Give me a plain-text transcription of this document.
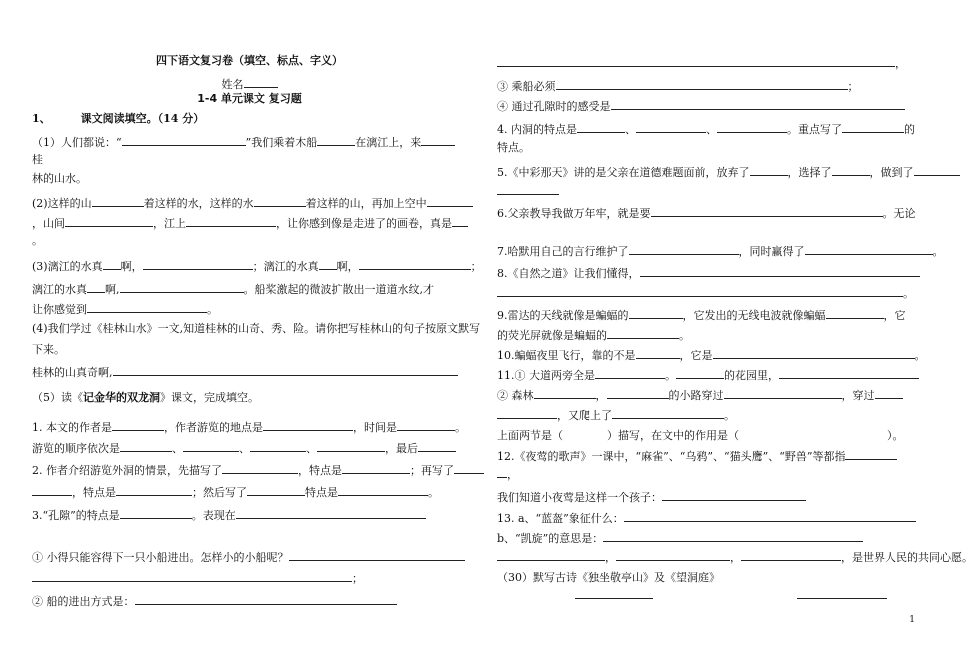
四下语文复习卷（填空、标点、字义）
姓名
1-4 单元课文 复习题
1、	课文阅读填空。（14 分）
（1）人们都说：“	”我们乘着木船	在漓江上，来
桂
林的山水。
(2)这样的山	着这样的水，这样的水	着这样的山，再加上空中
，山间	，江上	，让你感到像是走进了的画卷，真是
。
(3)漓江的水真 啊，	；漓江的水真 啊，	；
漓江的水真 啊,	。船桨激起的微波扩散出一道道水纹,才
让你感觉到	。
(4)我们学过《桂林山水》一文,知道桂林的山奇、秀、险。请你把写桂林山的句子按原文默写
下来。
桂林的山真奇啊,
（5）读《记金华的双龙洞》课文，完成填空。
1. 本文的作者是	，作者游览的地点是	，时间是	。
游览的顺序依次是	、	、	、	，最后
2. 作者介绍游览外洞的情景，先描写了	，特点是	；再写了
，特点是	；然后写了	特点是	。
3.“孔隙”的特点是	。表现在
① 小得只能容得下一只小船进出。怎样小的小船呢？
；
② 船的进出方式是：
，
③ 乘船必须	；
④ 通过孔隙时的感受是
4. 内洞的特点是	、	、	。重点写了	的
特点。
5.《中彩那天》讲的是父亲在道德难题面前，放弃了	，选择了	，做到了
6.父亲教导我做万年牢，就是要	。无论
7.哈默用自己的言行维护了	，同时赢得了	。
8.《自然之道》让我们懂得，
。
9.雷达的天线就像是蝙蝠的	，它发出的无线电波就像蝙蝠	，它
的荧光屏就像是蝙蝠的	。
10.蝙蝠夜里飞行，靠的不是	，它是	。
11.① 大道两旁全是	。	的花园里，
② 森林	，	的小路穿过	，穿过
，又爬上了	。
上面两节是（	）描写，在文中的作用是（	）。
12.《夜莺的歌声》一课中，“麻雀”、“乌鸦”、“猫头鹰”、“野兽”等都指
，
我们知道小夜莺是这样一个孩子：
13. a、“蓝盔”象征什么：
b、“凯旋”的意思是：
，	，	，是世界人民的共同心愿。
（30）默写古诗《独坐敬亭山》及《望洞庭》
1
